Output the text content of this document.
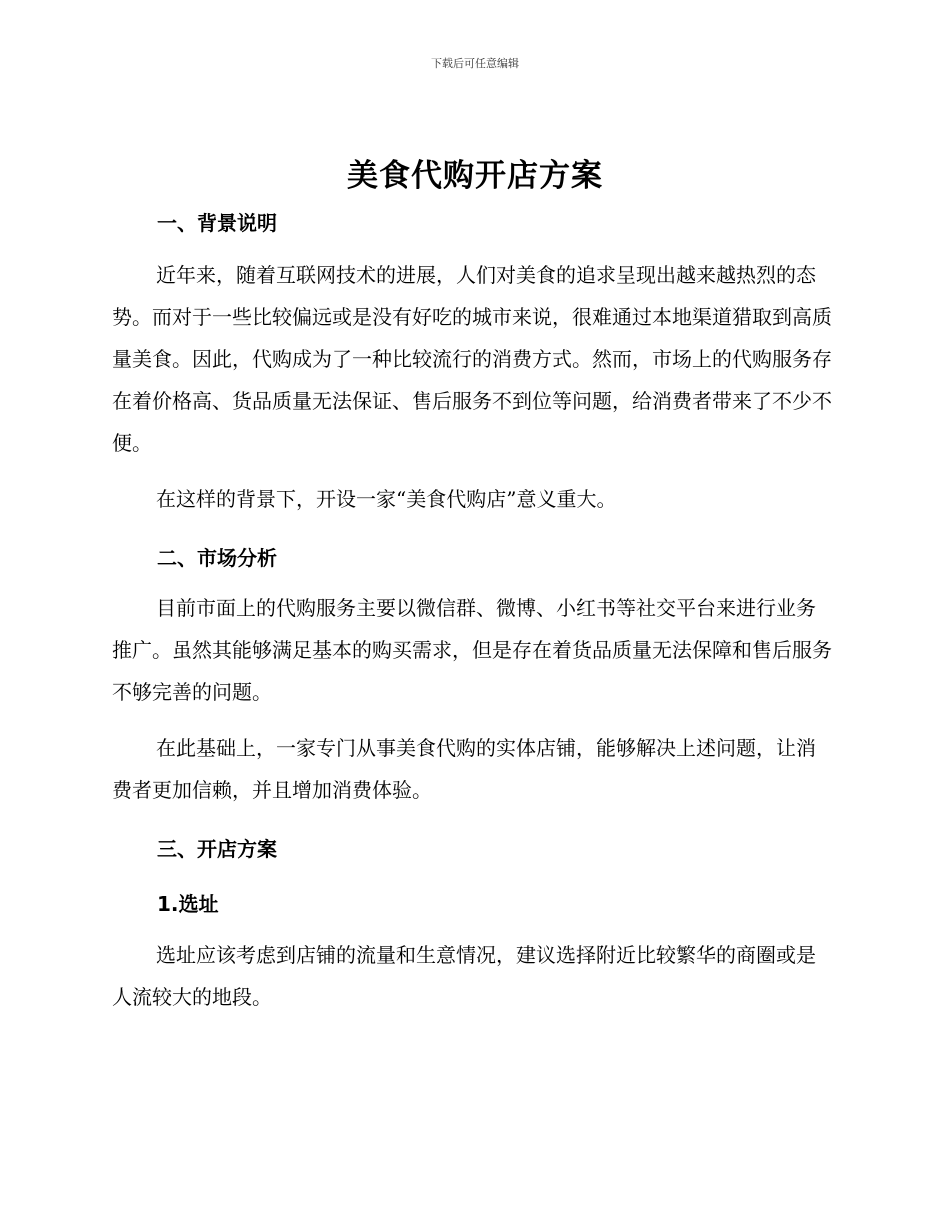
下载后可任意编辑
美食代购开店方案
一、背景说明

近年来，随着互联网技术的进展，人们对美食的追求呈现出越来越热烈的态势。而对于一些比较偏远或是没有好吃的城市来说，很难通过本地渠道猎取到高质量美食。因此，代购成为了一种比较流行的消费方式。然而，市场上的代购服务存在着价格高、货品质量无法保证、售后服务不到位等问题，给消费者带来了不少不便。

在这样的背景下，开设一家“美食代购店”意义重大。

二、市场分析

目前市面上的代购服务主要以微信群、微博、小红书等社交平台来进行业务推广。虽然其能够满足基本的购买需求，但是存在着货品质量无法保障和售后服务不够完善的问题。

在此基础上，一家专门从事美食代购的实体店铺，能够解决上述问题，让消费者更加信赖，并且增加消费体验。

三、开店方案
1.选址

选址应该考虑到店铺的流量和生意情况，建议选择附近比较繁华的商圈或是人流较大的地段。
